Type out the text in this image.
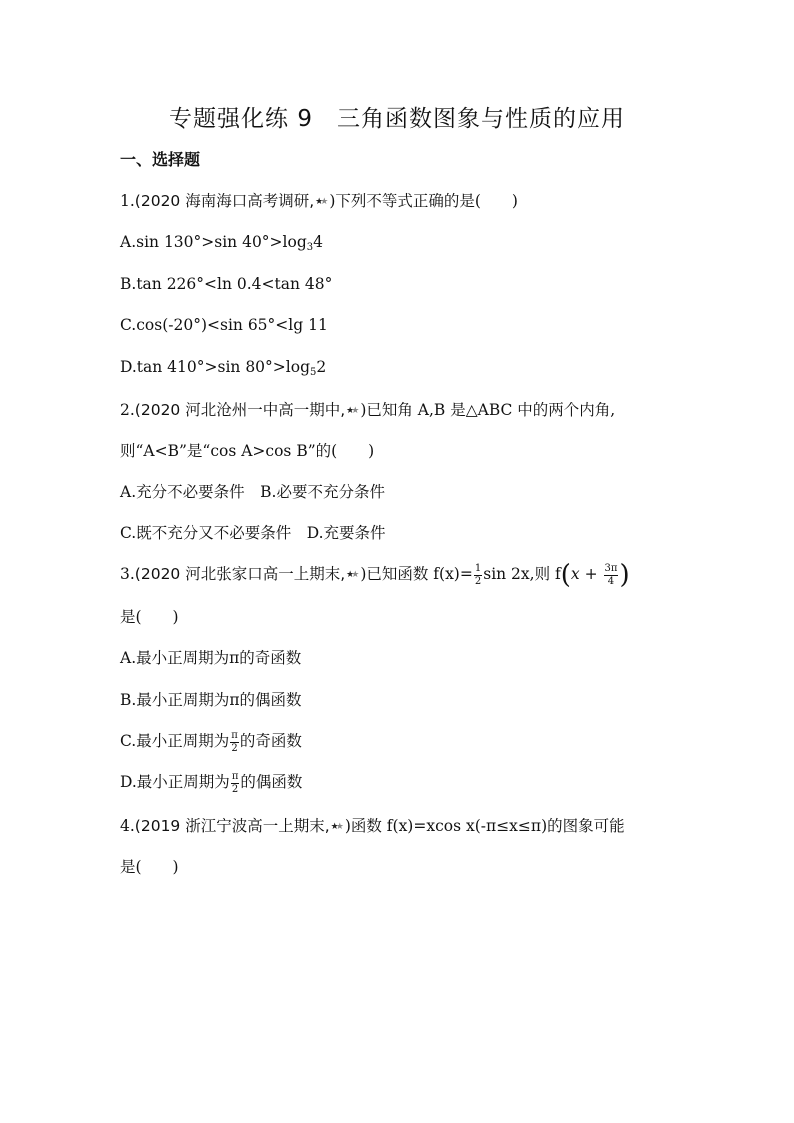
专题强化练 9　三角函数图象与性质的应用
一、选择题
1.(2020 海南海口高考调研,★★ )下列不等式正确的是(　　)
A.sin 130°>sin $40^\circ>\log_34$
B.tan 226°<ln 0.4<tan 48°
C.cos(-20°)<sin 65°<lg 11
D.tan 410°>sin $80^\circ>\log_52$
2.(2020 河北沧州一中高一期中,★★ )已知角 A,B 是△ABC 中的两个内角,
则“A<B”是“cos A>cos B”的(　　)
A.充分不必要条件　B.必要不充分条件
C.既不充分又不必要条件　D.充要条件
3.(2020 河北张家口高一上期末,★★ )已知函数 $f(x)= \frac{1}{2}$ sin 2x,则 $f(x + \frac{3\pi}{4}$ )
是(　　)
A.最小正周期为π的奇函数
B.最小正周期为π的偶函数
C.最小正周期为 $\frac{\pi}{2}$ 的奇函数
D.最小正周期为 $\frac{\pi}{2}$ 的偶函数
4.(2019 浙江宁波高一上期末,★★ )函数 f(x)=xcos x(-π≤x≤π)的图象可能
是(　　)
